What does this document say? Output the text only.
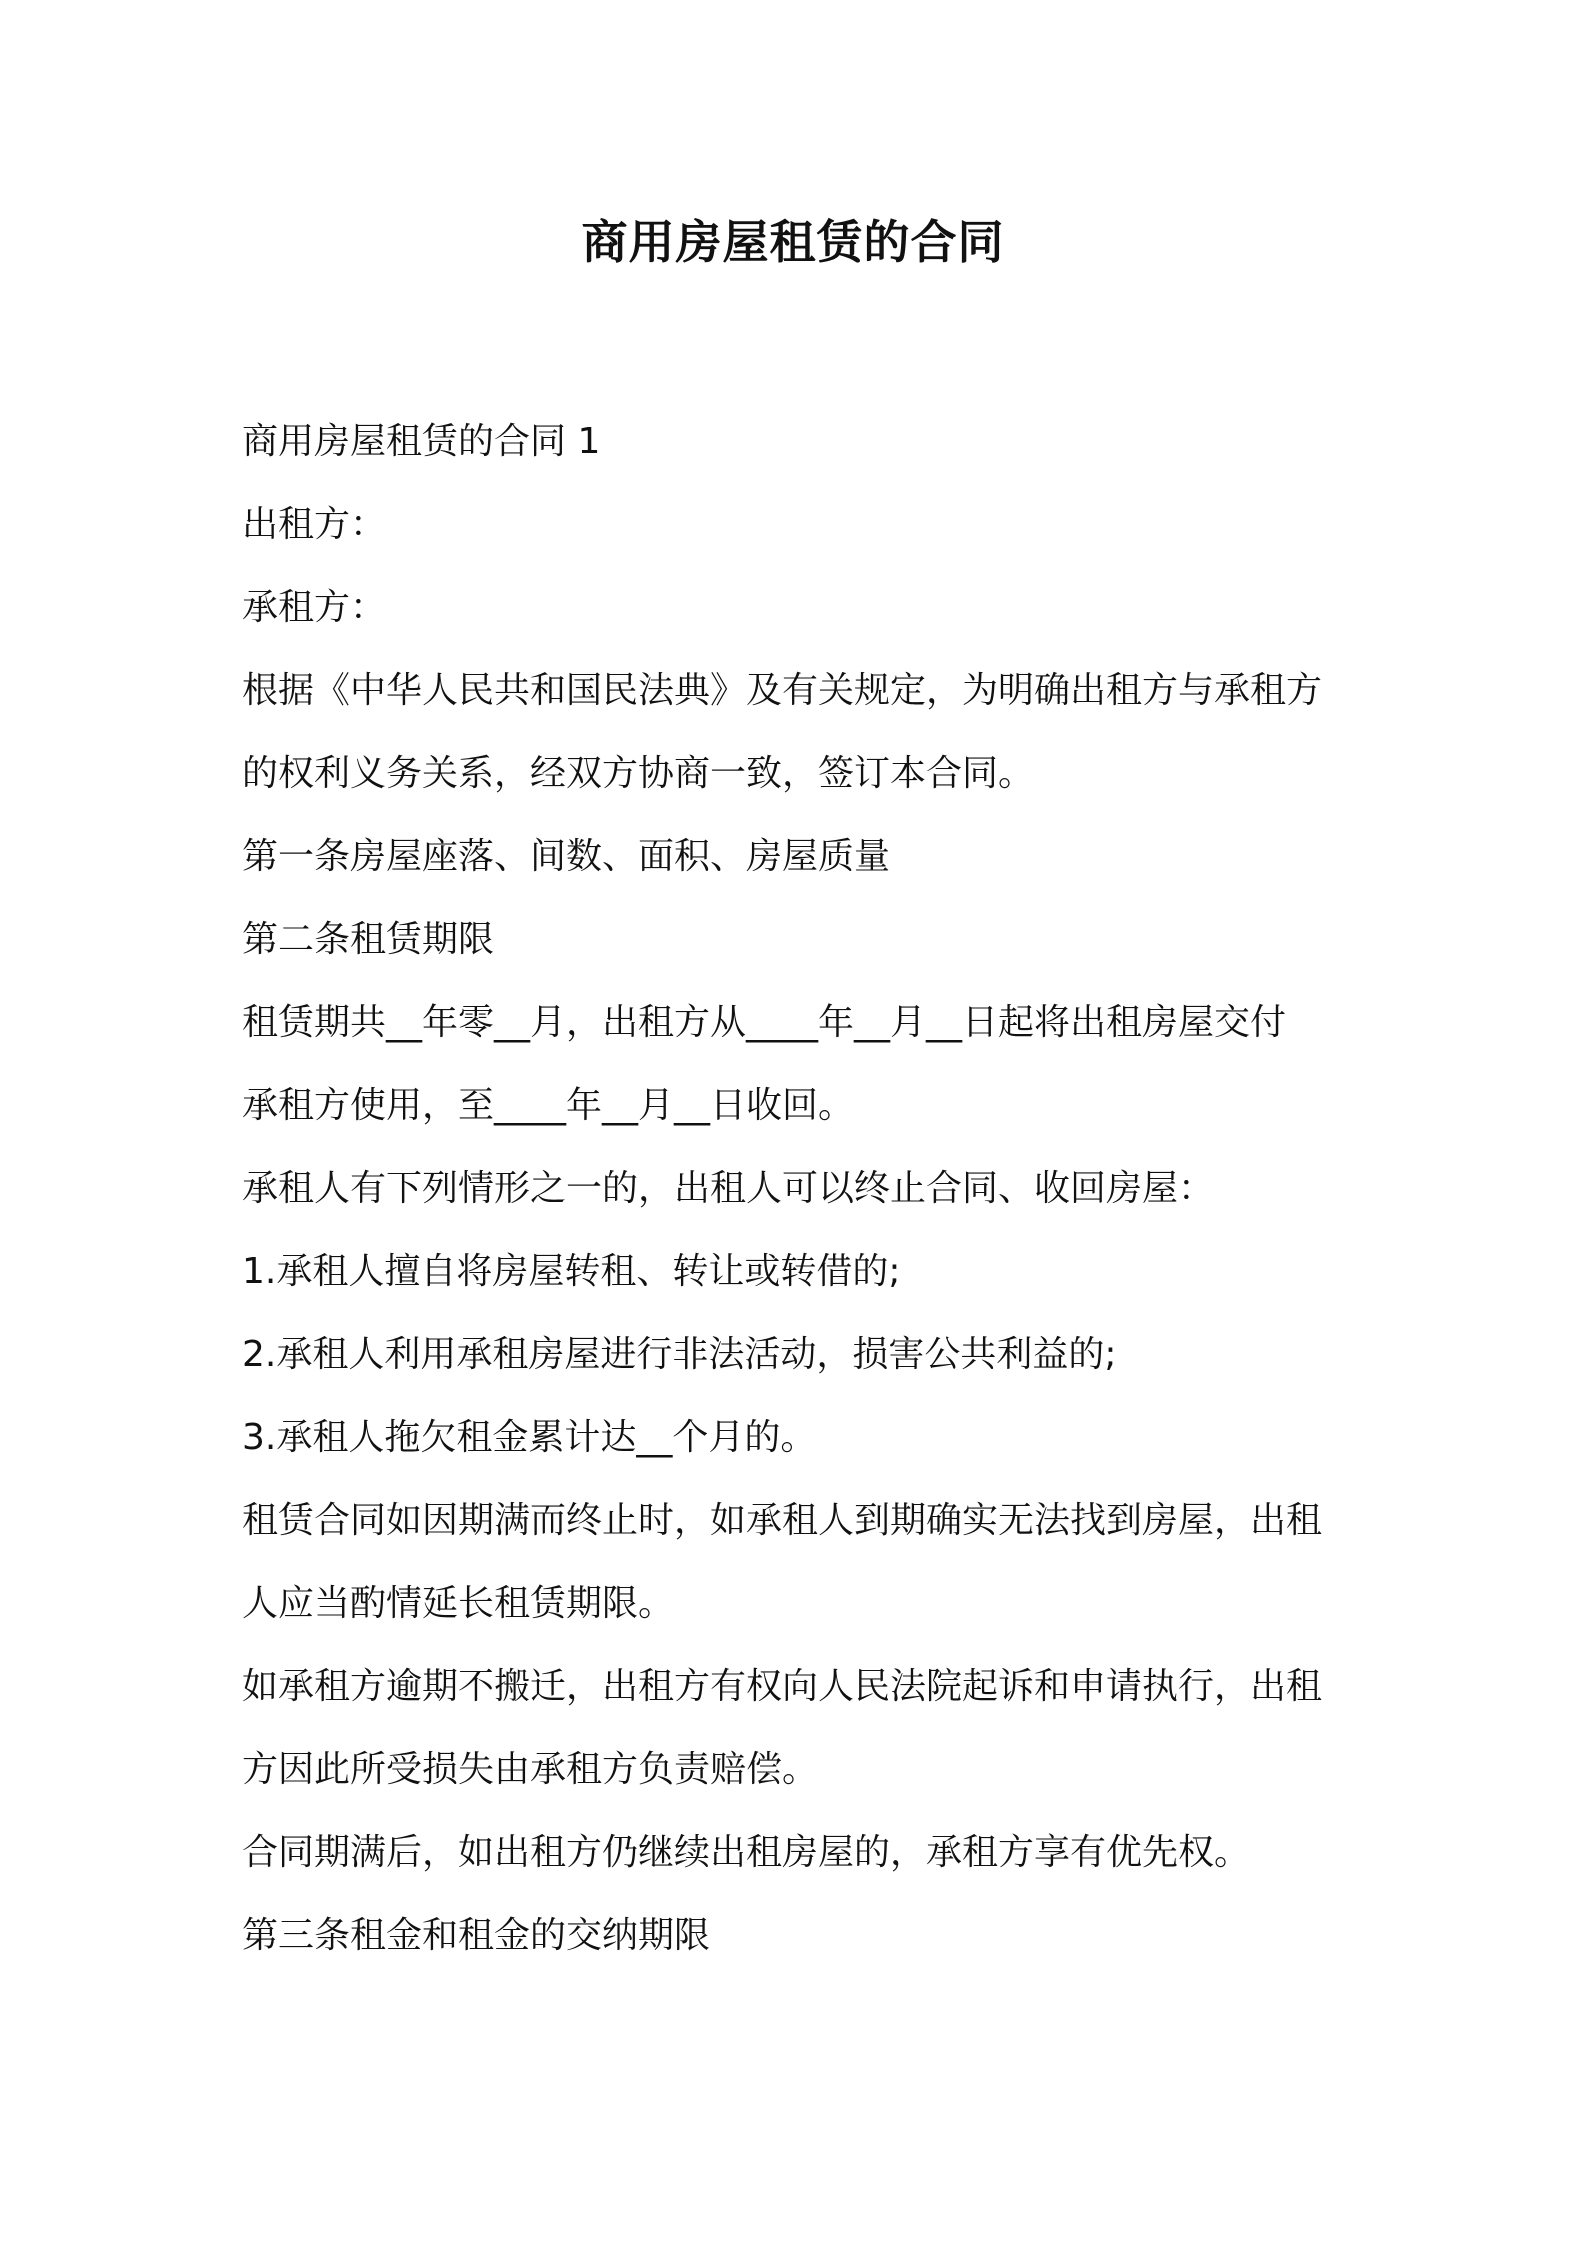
商用房屋租赁的合同
商用房屋租赁的合同 1
出租方：
承租方：
根据《中华人民共和国民法典》及有关规定，为明确出租方与承租方
的权利义务关系，经双方协商一致，签订本合同。
第一条房屋座落、间数、面积、房屋质量
第二条租赁期限
租赁期共__年零__月，出租方从____年__月__日起将出租房屋交付
承租方使用，至____年__月__日收回。
承租人有下列情形之一的，出租人可以终止合同、收回房屋：
1.承租人擅自将房屋转租、转让或转借的;
2.承租人利用承租房屋进行非法活动，损害公共利益的;
3.承租人拖欠租金累计达__个月的。
租赁合同如因期满而终止时，如承租人到期确实无法找到房屋，出租
人应当酌情延长租赁期限。
如承租方逾期不搬迁，出租方有权向人民法院起诉和申请执行，出租
方因此所受损失由承租方负责赔偿。
合同期满后，如出租方仍继续出租房屋的，承租方享有优先权。
第三条租金和租金的交纳期限
